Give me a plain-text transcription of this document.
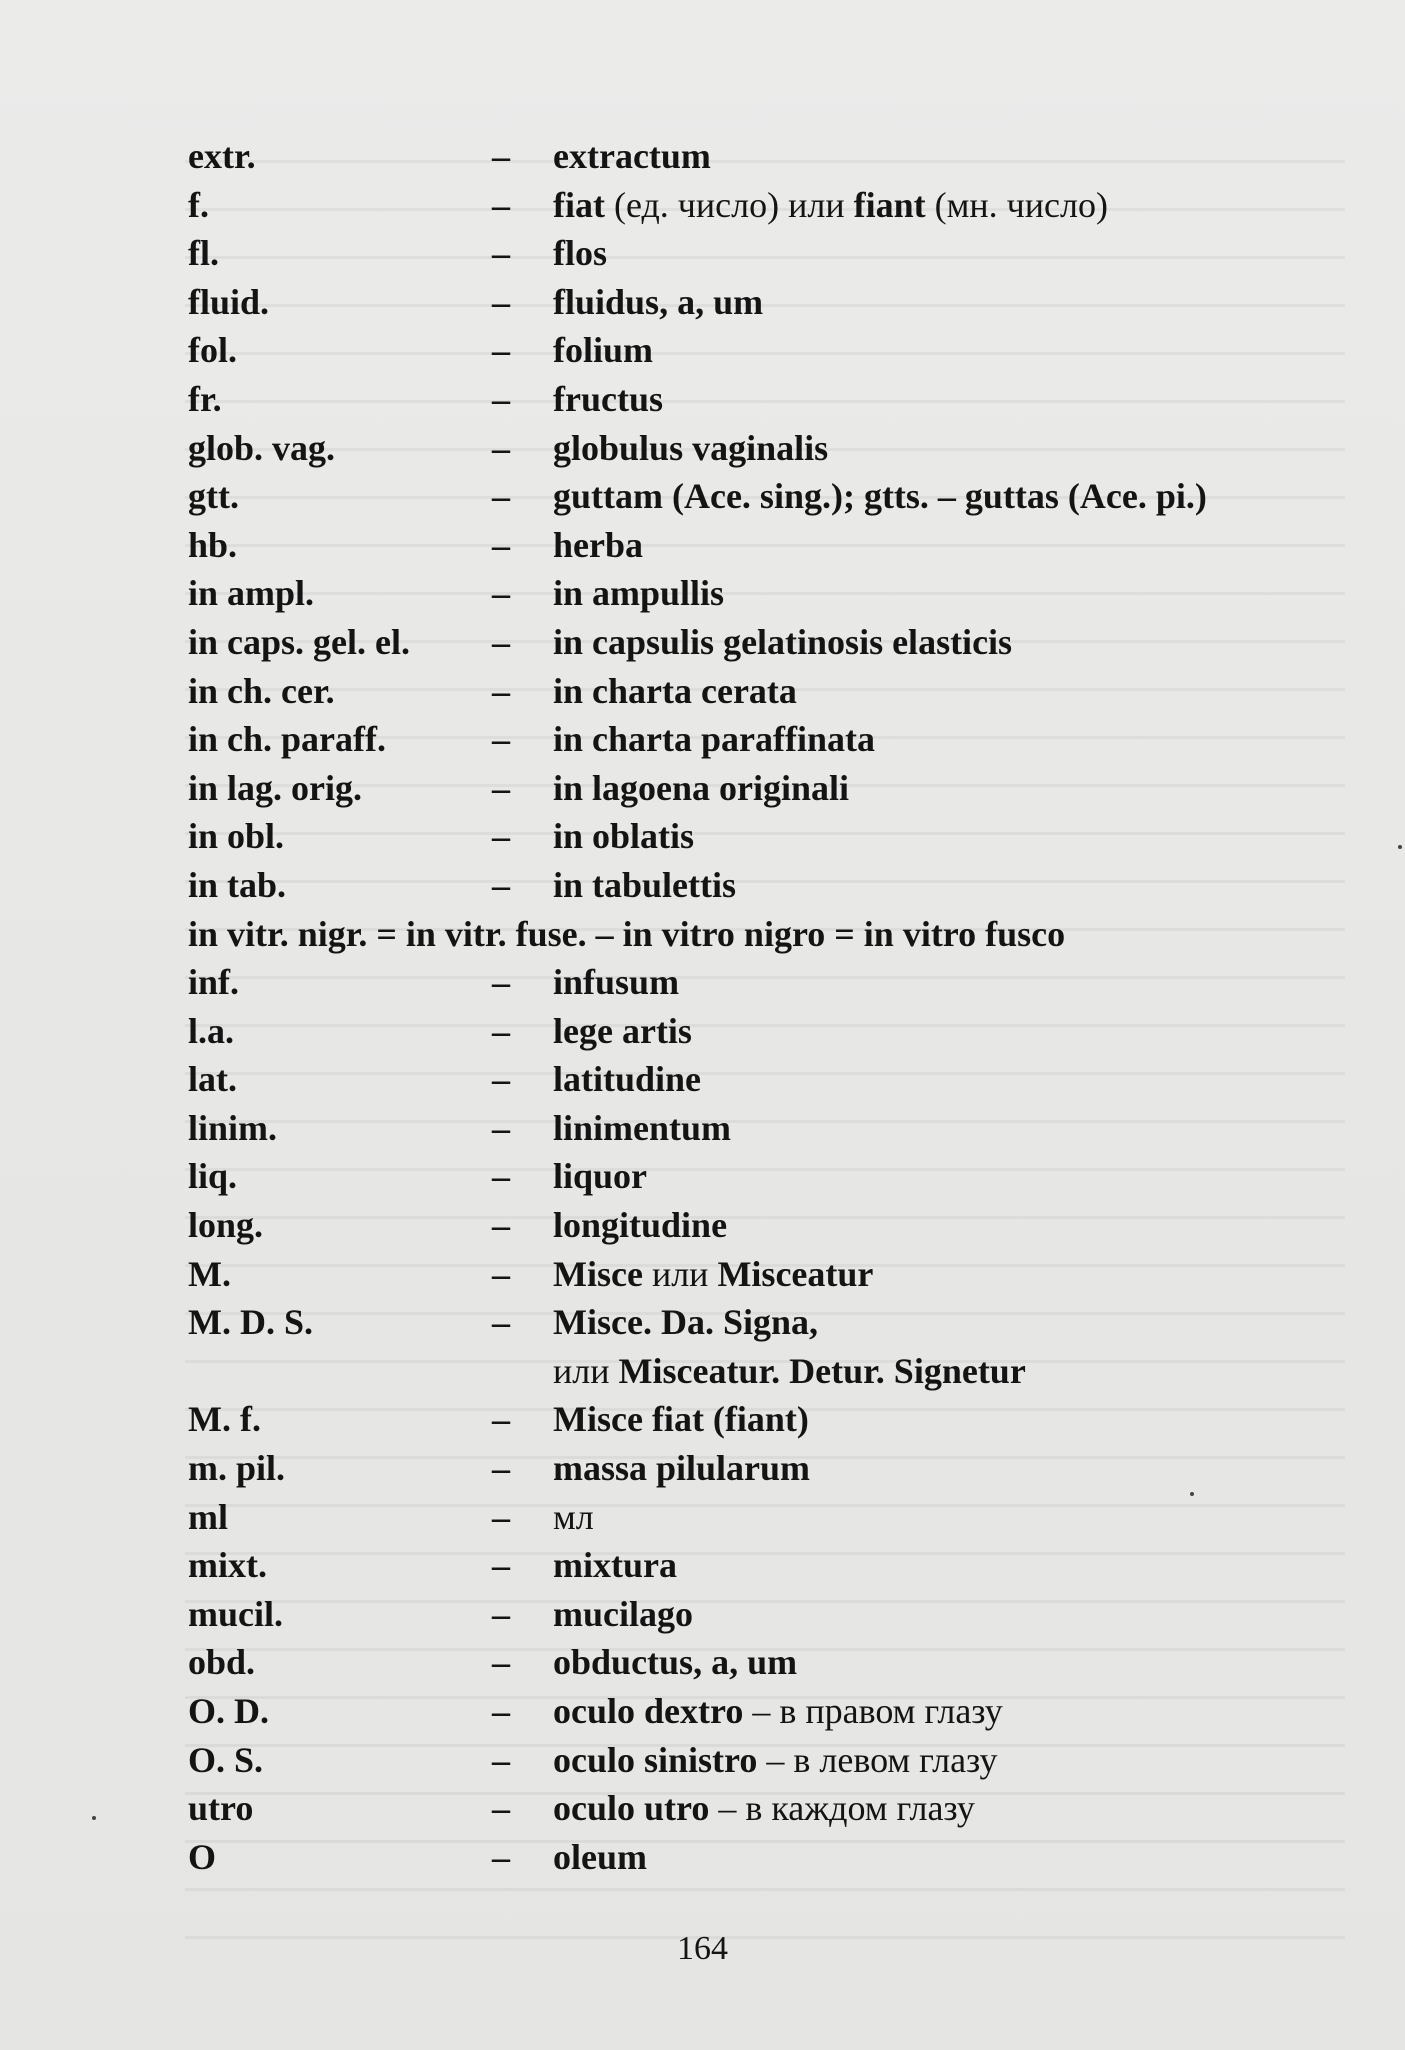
extr.	– extractum
f.	– fiat (ед. число) или fiant (мн. число)
fl.	– flos
fluid.	– fluidus, a, um
fol.	– folium
fr.	– fructus
glob. vag.	– globulus vaginalis
gtt.	– guttam (Ace. sing.); gtts. – guttas (Ace. pi.)
hb.	– herba
in ampl.	– in ampullis
in caps. gel. el. – in capsulis gelatinosis elasticis
in ch. cer.	– in charta cerata
in ch. paraff.	– in charta paraffinata
in lag. orig.	– in lagoena originali
in obl.	– in oblatis
in tab.	– in tabulettis
in vitr. nigr. = in vitr. fuse. – in vitro nigro = in vitro fusco
inf.	– infusum
l.a.	– lege artis
lat.	– latitudine
linim.	– linimentum
liq.	– liquor
long.	– longitudine
M.	– Misce или Misceatur
M. D. S.	– Misce. Da. Signa,
или Misceatur. Detur. Signetur
M. f.	– Misce fiat (fiant)
m. pil.	– massa pilularum
ml	– мл
mixt.	– mixtura
mucil.	– mucilago
obd.	– obductus, a, um
O. D.	– oculo dextro – в правом глазу
O. S.	– oculo sinistro – в левом глазу
utro	– oculo utro – в каждом глазу
O	– oleum
164
